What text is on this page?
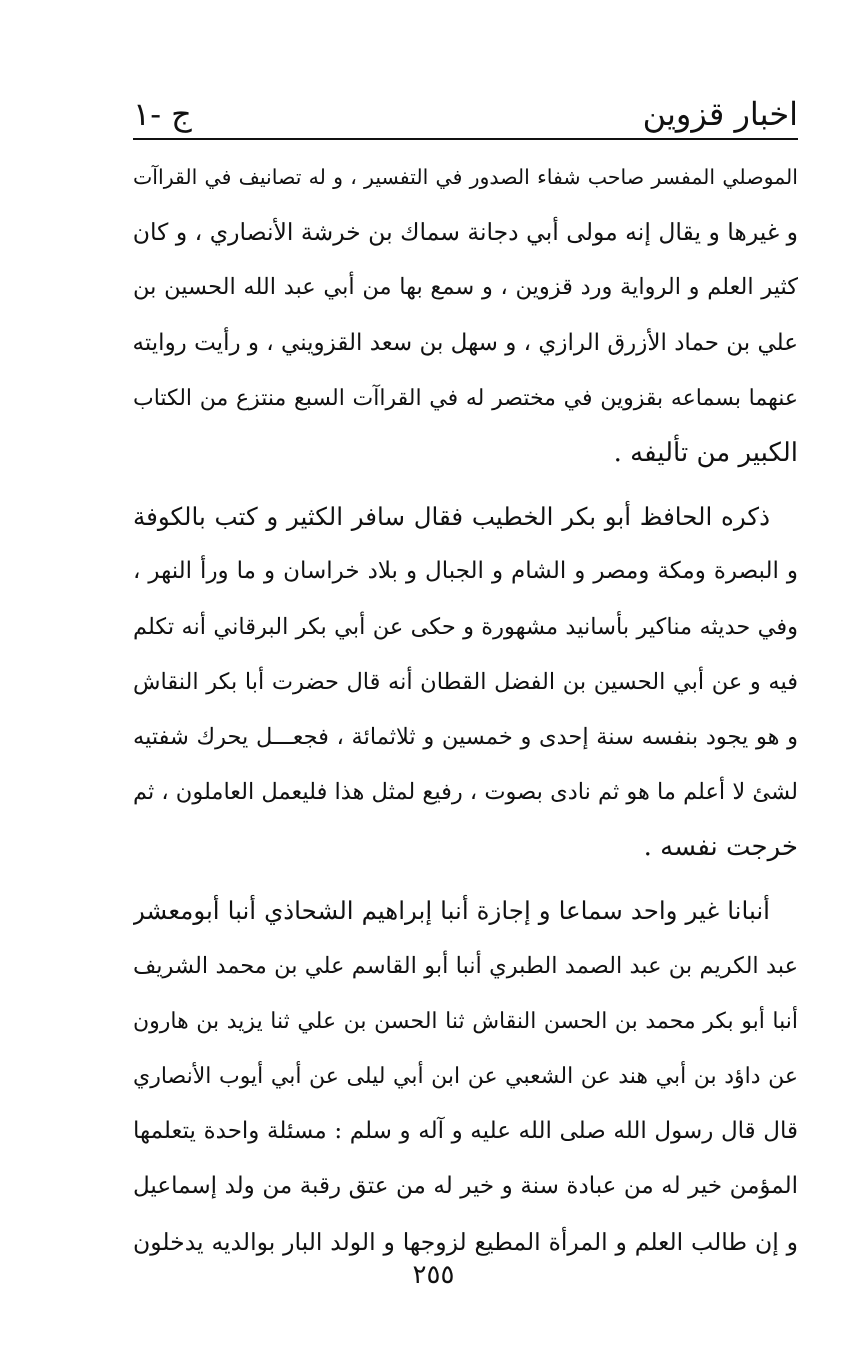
اخبار قزوين
ج -١
الموصلي المفسر صاحب شفاء الصدور في التفسير ، و له تصانيف في القراآت
و غيرها و يقال إنه مولى أبي دجانة سماك بن خرشة الأنصاري ، و كان
كثير العلم و الرواية ورد قزوين ، و سمع بها من أبي عبد الله الحسين بن
علي بن حماد الأزرق الرازي ، و سهل بن سعد القزويني ، و رأيت روايته
عنهما بسماعه بقزوين في مختصر له في القراآت السبع منتزع من الكتاب
الكبير من تأليفه .
ذكره الحافظ أبو بكر الخطيب فقال سافر الكثير و كتب بالكوفة
و البصرة ومكة ومصر و الشام و الجبال و بلاد خراسان و ما ورأ النهر ،
وفي حديثه مناكير بأسانيد مشهورة و حكى عن أبي بكر البرقاني أنه تكلم
فيه و عن أبي الحسين بن الفضل القطان أنه قال حضرت أبا بكر النقاش
و هو يجود بنفسه سنة إحدى و خمسين و ثلاثمائة ، فجعـــل يحرك شفتيه
لشئ لا أعلم ما هو ثم نادى بصوت ، رفيع لمثل هذا فليعمل العاملون ، ثم
خرجت نفسه .
أنبانا غير واحد سماعا و إجازة أنبا إبراهيم الشحاذي أنبا أبومعشر
عبد الكريم بن عبد الصمد الطبري أنبا أبو القاسم علي بن محمد الشريف
أنبا أبو بكر محمد بن الحسن النقاش ثنا الحسن بن علي ثنا يزيد بن هارون
عن داؤد بن أبي هند عن الشعبي عن ابن أبي ليلى عن أبي أيوب الأنصاري
قال قال رسول الله صلى الله عليه و آله و سلم : مسئلة واحدة يتعلمها
المؤمن خير له من عبادة سنة و خير له من عتق رقبة من ولد إسماعيل
و إن طالب العلم و المرأة المطيع لزوجها و الولد البار بوالديه يدخلون
٢٥٥
